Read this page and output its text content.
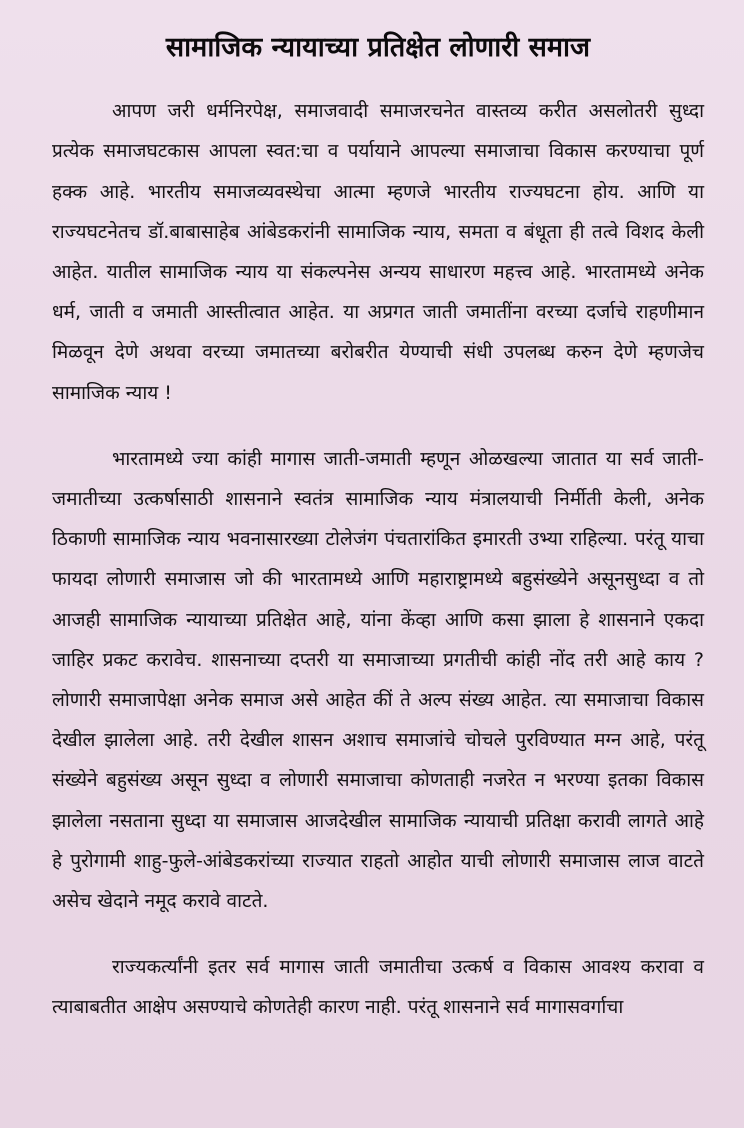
सामाजिक न्यायाच्या प्रतिक्षेत लोणारी समाज

आपण जरी धर्मनिरपेक्ष, समाजवादी समाजरचनेत वास्तव्य करीत असलोतरी सुध्दा प्रत्येक समाजघटकास आपला स्वत:चा व पर्यायाने आपल्या समाजाचा विकास करण्याचा पूर्ण हक्क आहे. भारतीय समाजव्यवस्थेचा आत्मा म्हणजे भारतीय राज्यघटना होय. आणि या राज्यघटनेतच डॉ.बाबासाहेब आंबेडकरांनी सामाजिक न्याय, समता व बंधूता ही तत्वे विशद केली आहेत. यातील सामाजिक न्याय या संकल्पनेस अन्यय साधारण महत्त्व आहे. भारतामध्ये अनेक धर्म, जाती व जमाती आस्तीत्वात आहेत. या अप्रगत जाती जमातींना वरच्या दर्जाचे राहणीमान मिळवून देणे अथवा वरच्या जमातच्या बरोबरीत येण्याची संधी उपलब्ध करुन देणे म्हणजेच सामाजिक न्याय !

भारतामध्ये ज्या कांही मागास जाती-जमाती म्हणून ओळखल्या जातात या सर्व जाती-जमातीच्या उत्कर्षासाठी शासनाने स्वतंत्र सामाजिक न्याय मंत्रालयाची निर्मीती केली, अनेक ठिकाणी सामाजिक न्याय भवनासारख्या टोलेजंग पंचतारांकित इमारती उभ्या राहिल्या. परंतू याचा फायदा लोणारी समाजास जो की भारतामध्ये आणि महाराष्ट्रामध्ये बहुसंख्येने असूनसुध्दा व तो आजही सामाजिक न्यायाच्या प्रतिक्षेत आहे, यांना केंव्हा आणि कसा झाला हे शासनाने एकदा जाहिर प्रकट करावेच. शासनाच्या दप्तरी या समाजाच्या प्रगतीची कांही नोंद तरी आहे काय ? लोणारी समाजापेक्षा अनेक समाज असे आहेत कीं ते अल्प संख्य आहेत. त्या समाजाचा विकास देखील झालेला आहे. तरी देखील शासन अशाच समाजांचे चोचले पुरविण्यात मग्न आहे, परंतू संख्येने बहुसंख्य असून सुध्दा व लोणारी समाजाचा कोणताही नजरेत न भरण्या इतका विकास झालेला नसताना सुध्दा या समाजास आजदेखील सामाजिक न्यायाची प्रतिक्षा करावी लागते आहे हे पुरोगामी शाहु-फुले-आंबेडकरांच्या राज्यात राहतो आहोत याची लोणारी समाजास लाज वाटते असेच खेदाने नमूद करावे वाटते.

राज्यकर्त्यांनी इतर सर्व मागास जाती जमातीचा उत्कर्ष व विकास आवश्य करावा व त्याबाबतीत आक्षेप असण्याचे कोणतेही कारण नाही. परंतू शासनाने सर्व मागासवर्गाचा
